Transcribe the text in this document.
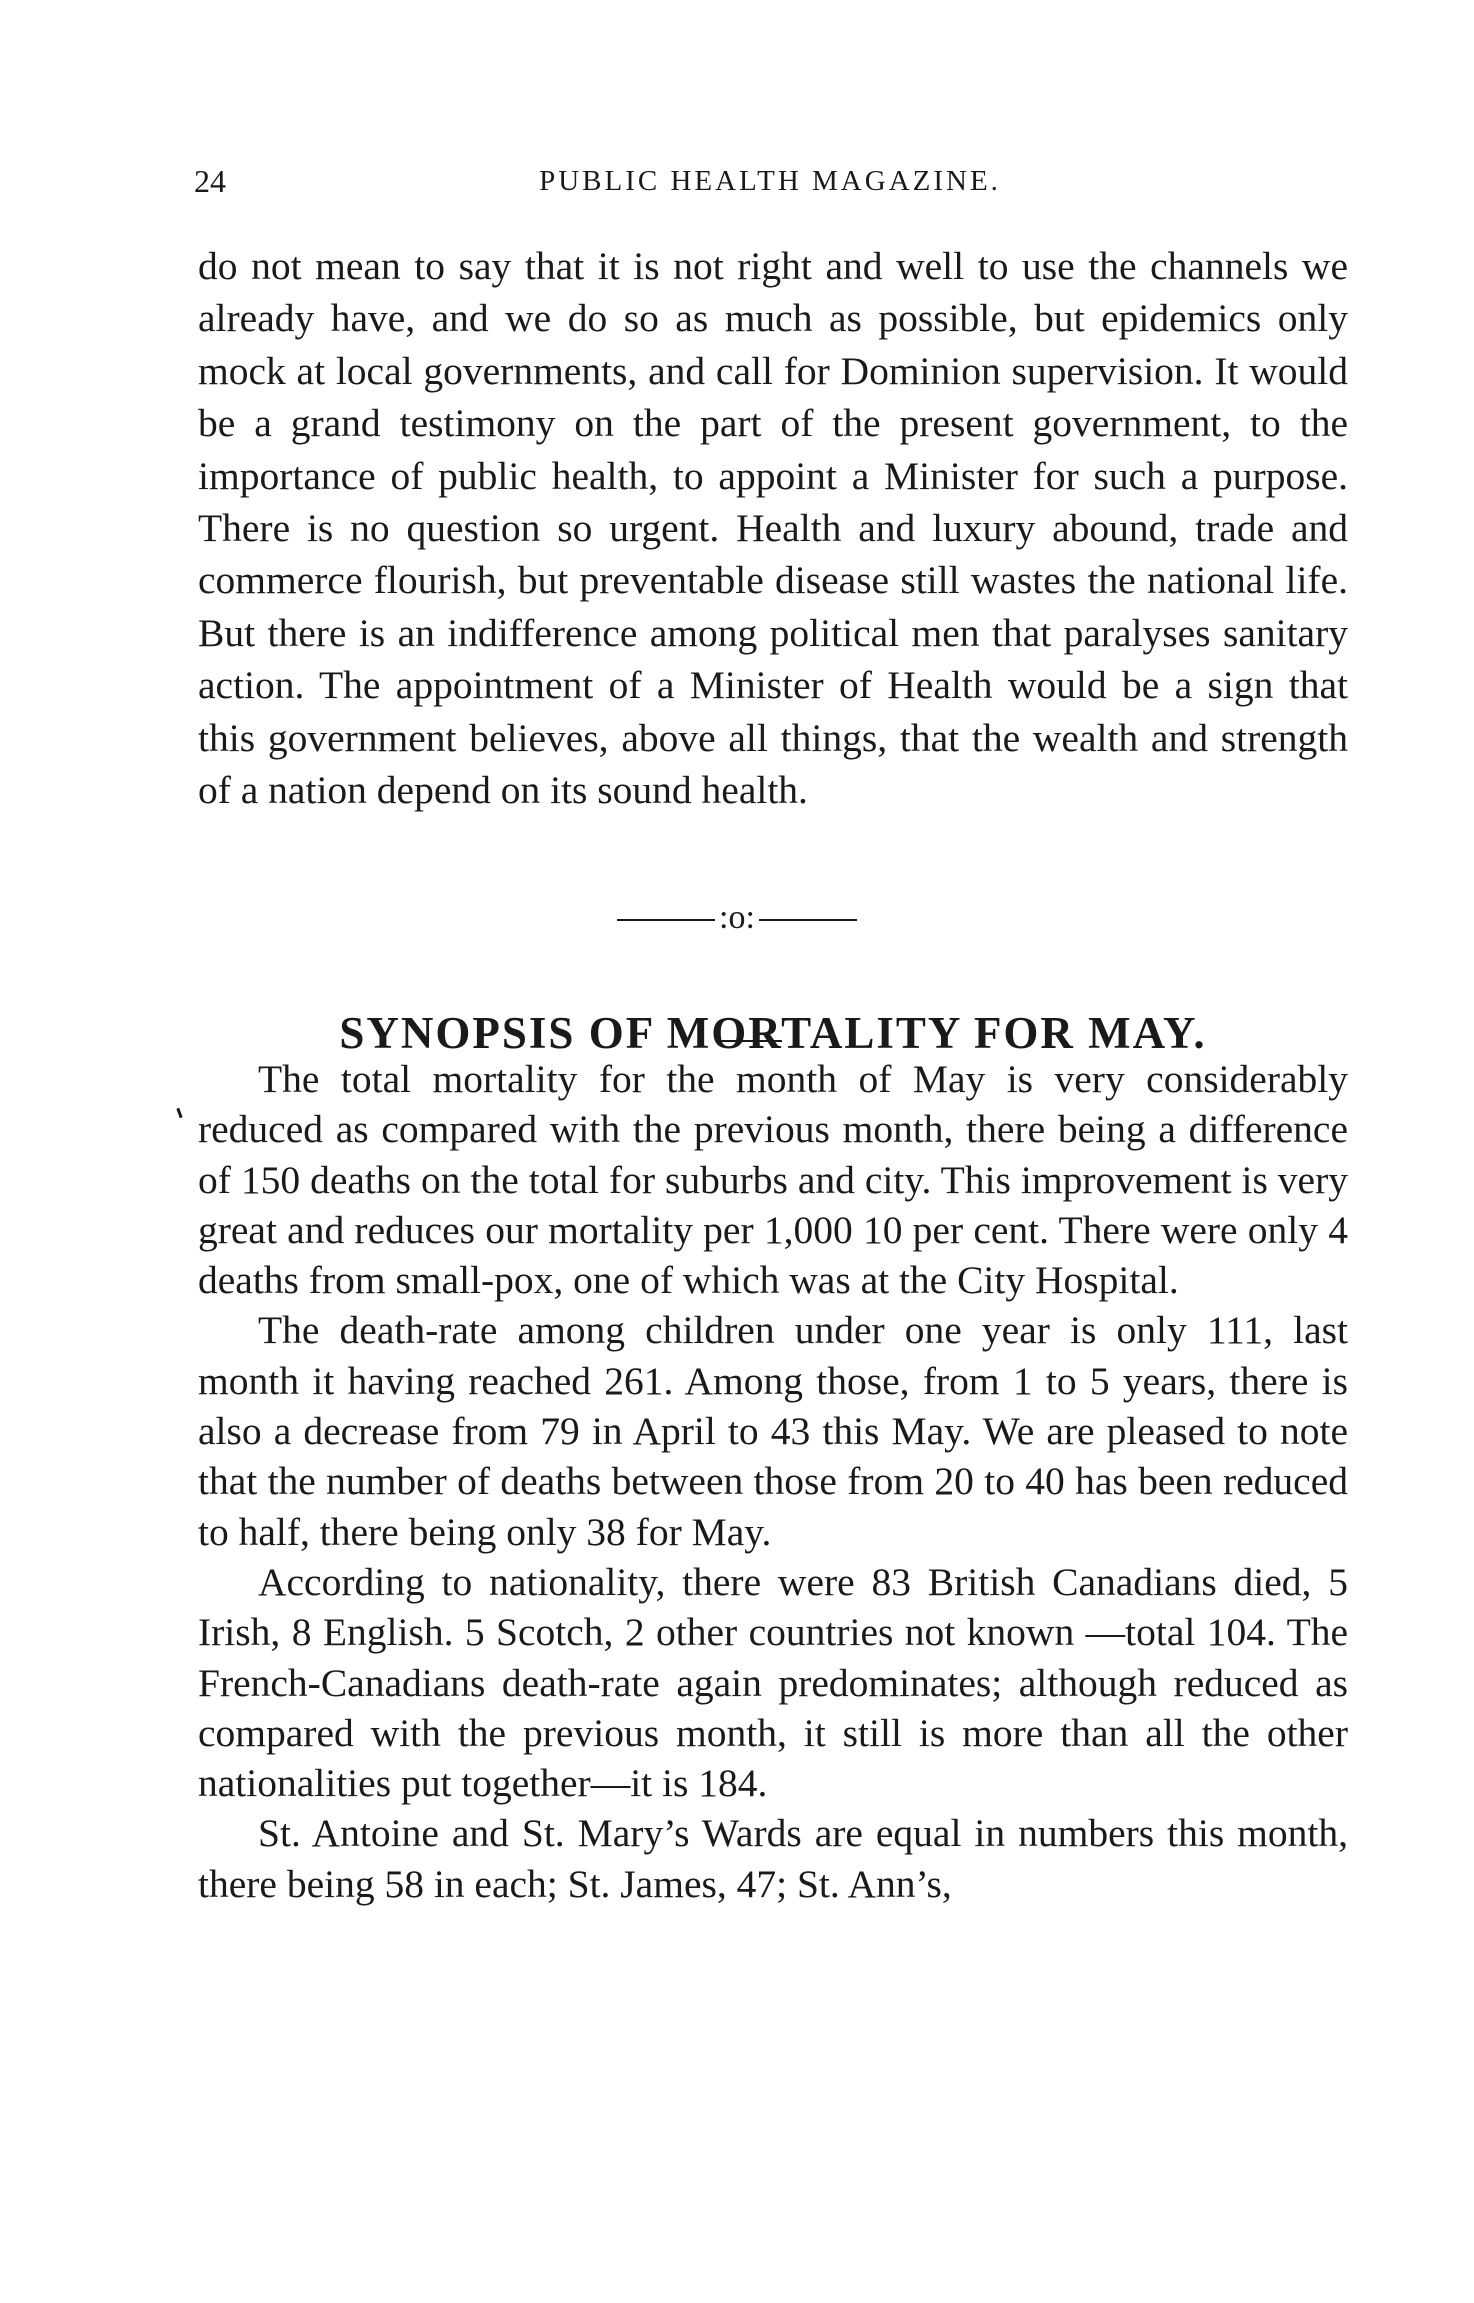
24	PUBLIC HEALTH MAGAZINE.

do not mean to say that it is not right and well to use the channels we already have, and we do so as much as possible, but epidemics only mock at local governments, and call for Dominion supervision. It would be a grand testimony on the part of the present government, to the importance of public health, to appoint a Minister for such a purpose. There is no question so urgent. Health and luxury abound, trade and commerce flourish, but preventable disease still wastes the national life. But there is an indifference among political men that paralyses sanitary action. The appointment of a Minister of Health would be a sign that this government believes, above all things, that the wealth and strength of a nation depend on its sound health.

:o:
SYNOPSIS OF MORTALITY FOR MAY.

The total mortality for the month of May is very considerably reduced as compared with the previous month, there being a difference of 150 deaths on the total for suburbs and city. This improvement is very great and reduces our mortality per 1,000 10 per cent. There were only 4 deaths from small-pox, one of which was at the City Hospital.

The death-rate among children under one year is only 111, last month it having reached 261. Among those, from 1 to 5 years, there is also a decrease from 79 in April to 43 this May. We are pleased to note that the number of deaths between those from 20 to 40 has been reduced to half, there being only 38 for May.

According to nationality, there were 83 British Canadians died, 5 Irish, 8 English. 5 Scotch, 2 other countries not known —total 104. The French-Canadians death-rate again predominates; although reduced as compared with the previous month, it still is more than all the other nationalities put together—it is 184.

St. Antoine and St. Mary’s Wards are equal in numbers this month, there being 58 in each; St. James, 47; St. Ann’s,
